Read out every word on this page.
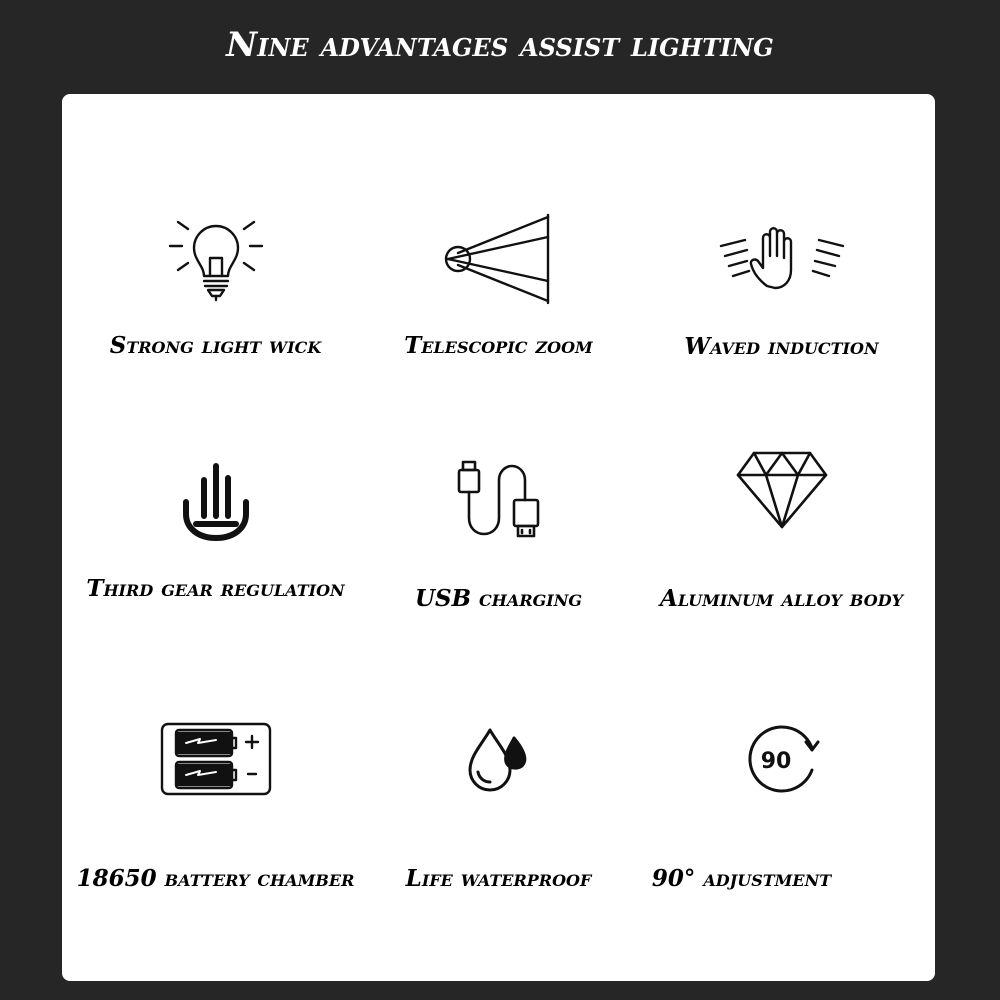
Nine advantages assist lighting
Strong light wick	Telescopic zoom	Waved induction
Third gear regulation	USB charging	Aluminum alloy body
18650 battery chamber	Life waterproof
90
90° adjustment
